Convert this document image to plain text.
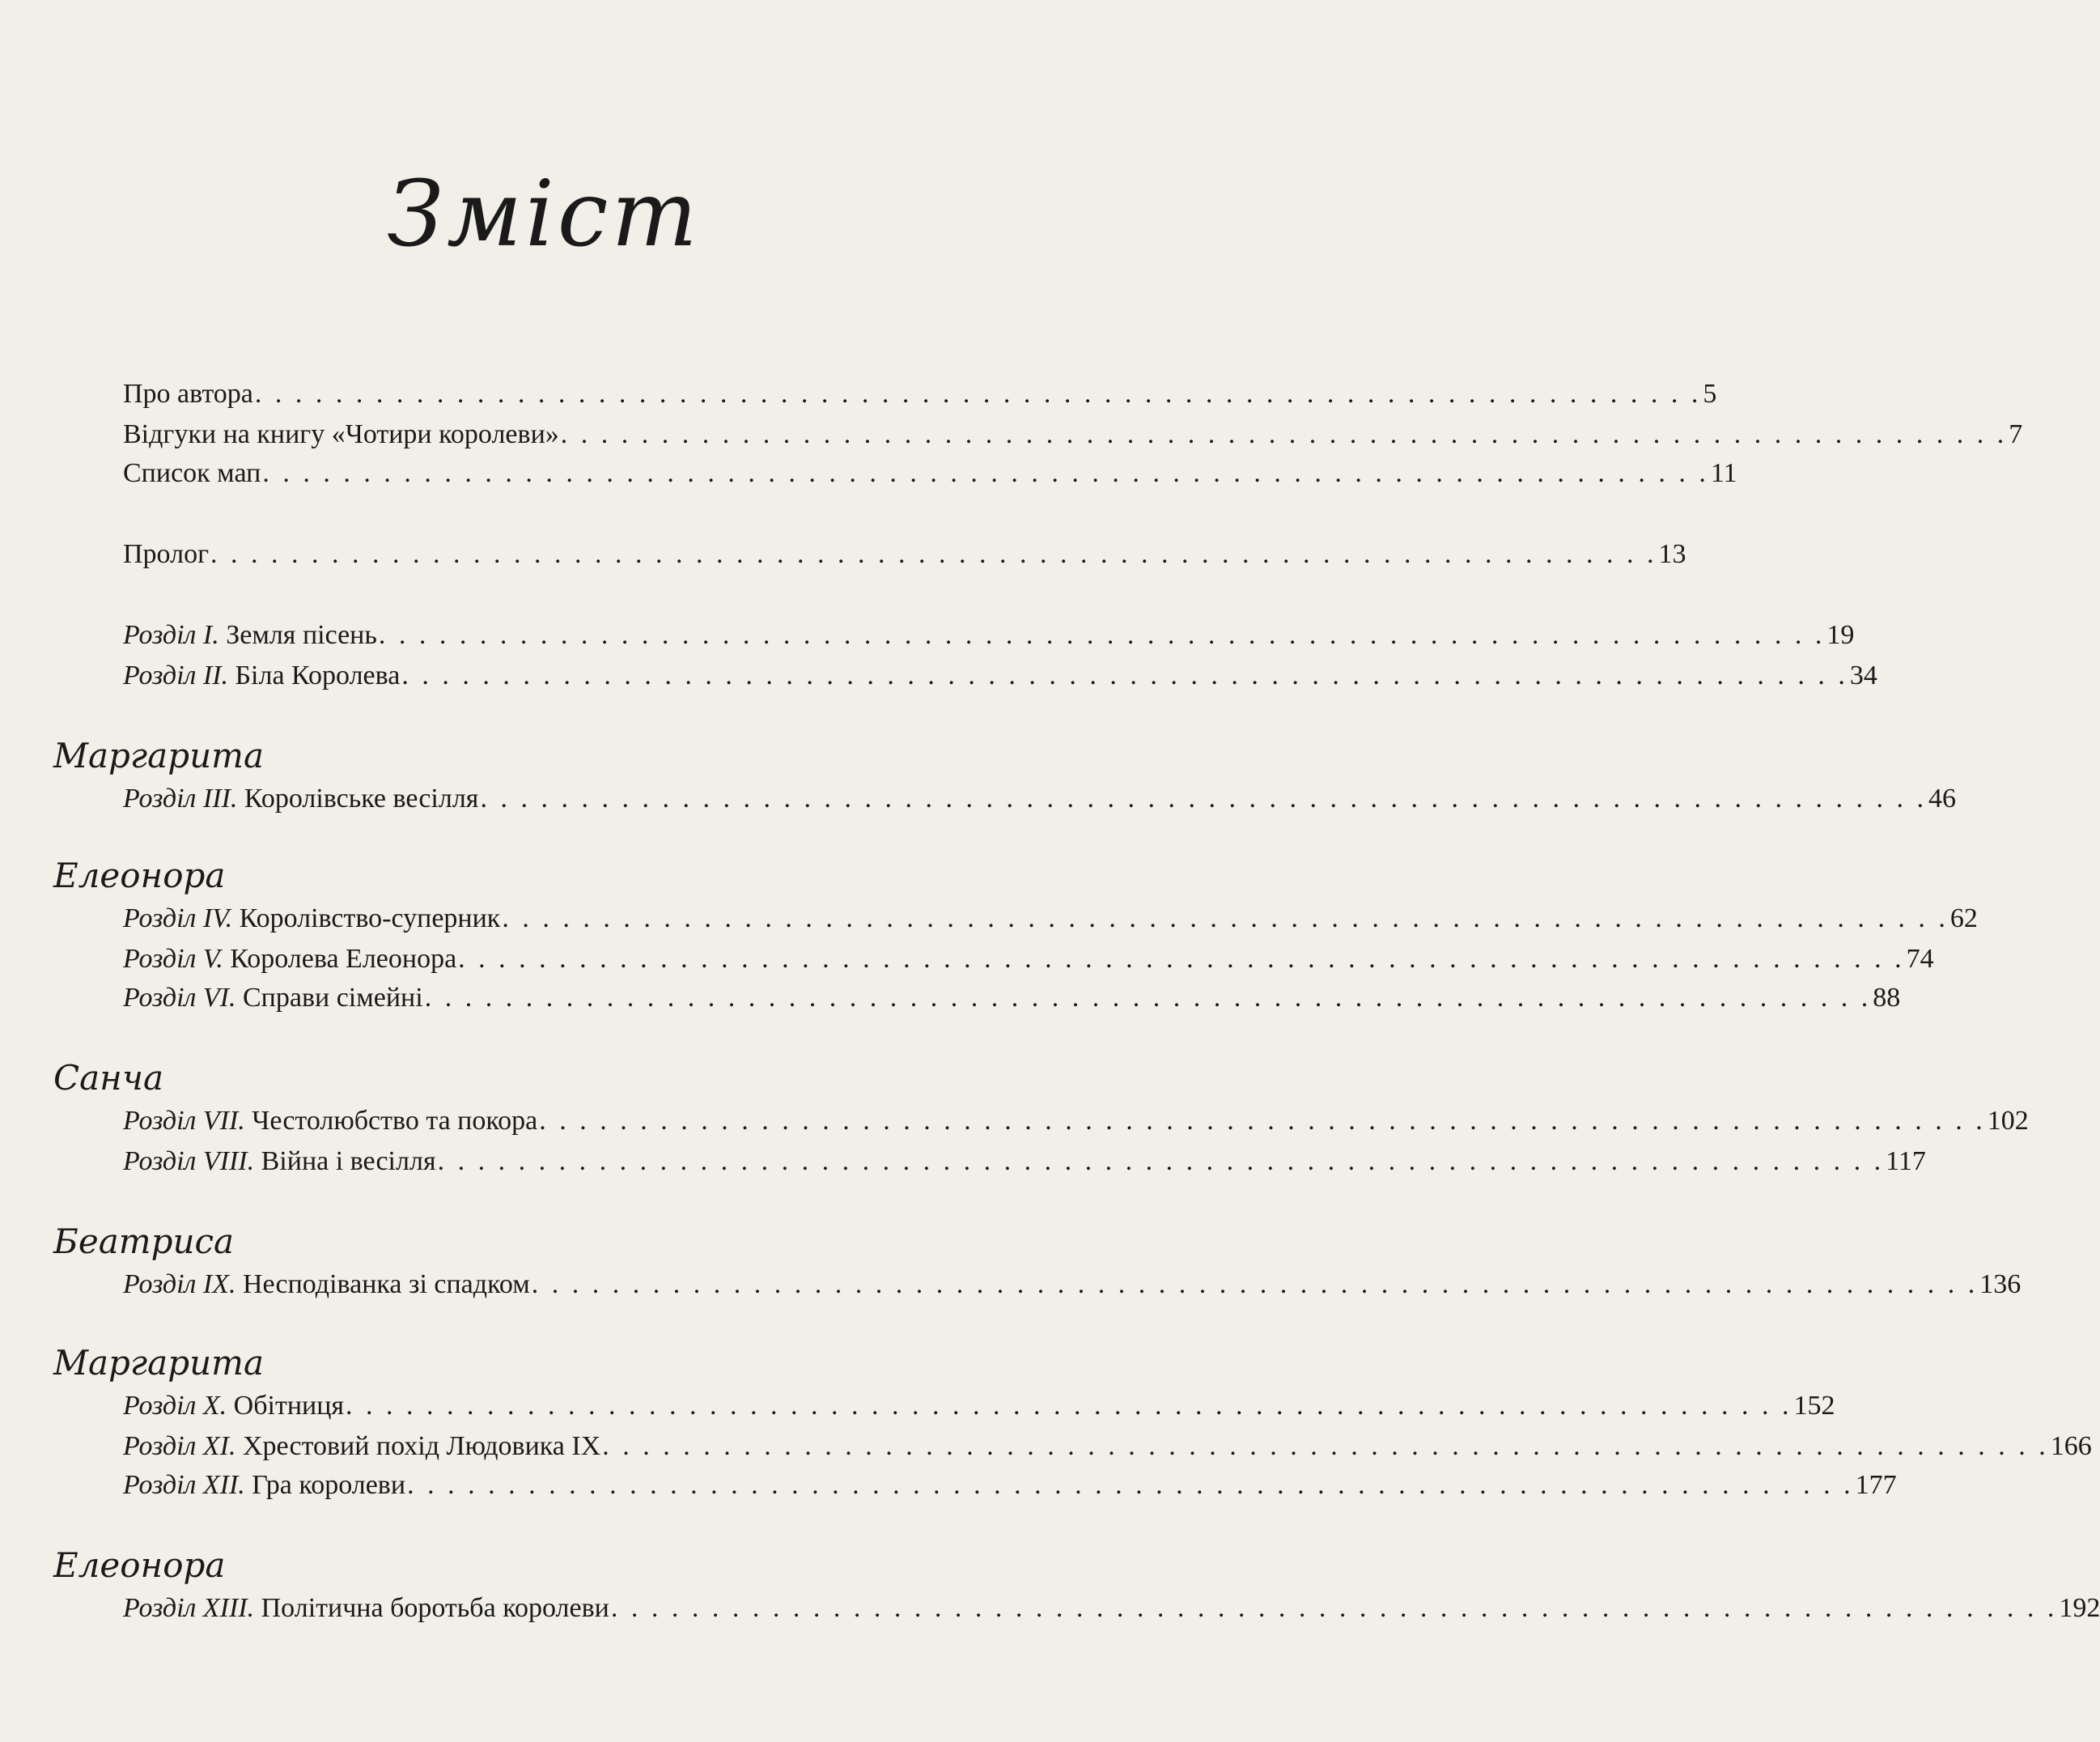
Зміст
Про автора . . . . . . . . . . . . . . . . . . . . . . . . . . . . . . . . . . . . . . . . . . . . . . . . . . . . . . . . . . . . . . . . . . . . . . . . 5
Відгуки на книгу «Чотири королеви» . . . . . . . . . . . . . . . . . . . . . . . . . . . . . . . . . . . . . . . . . . . . . . . . . . . . . . . . . . . . . . . . . . . . . . . . 7
Список мап . . . . . . . . . . . . . . . . . . . . . . . . . . . . . . . . . . . . . . . . . . . . . . . . . . . . . . . . . . . . . . . . . . . . . . . . 11
Пролог . . . . . . . . . . . . . . . . . . . . . . . . . . . . . . . . . . . . . . . . . . . . . . . . . . . . . . . . . . . . . . . . . . . . . . . . 13
Розділ I. Земля пісень . . . . . . . . . . . . . . . . . . . . . . . . . . . . . . . . . . . . . . . . . . . . . . . . . . . . . . . . . . . . . . . . . . . . . . . . 19
Розділ II. Біла Королева . . . . . . . . . . . . . . . . . . . . . . . . . . . . . . . . . . . . . . . . . . . . . . . . . . . . . . . . . . . . . . . . . . . . . . . . 34
Маргарита
Розділ III. Королівське весілля . . . . . . . . . . . . . . . . . . . . . . . . . . . . . . . . . . . . . . . . . . . . . . . . . . . . . . . . . . . . . . . . . . . . . . . . 46
Елеонора
Розділ IV. Королівство-суперник . . . . . . . . . . . . . . . . . . . . . . . . . . . . . . . . . . . . . . . . . . . . . . . . . . . . . . . . . . . . . . . . . . . . . . . . 62
Розділ V. Королева Елеонора . . . . . . . . . . . . . . . . . . . . . . . . . . . . . . . . . . . . . . . . . . . . . . . . . . . . . . . . . . . . . . . . . . . . . . . . 74
Розділ VI. Справи сімейні . . . . . . . . . . . . . . . . . . . . . . . . . . . . . . . . . . . . . . . . . . . . . . . . . . . . . . . . . . . . . . . . . . . . . . . . 88
Санча
Розділ VII. Честолюбство та покора . . . . . . . . . . . . . . . . . . . . . . . . . . . . . . . . . . . . . . . . . . . . . . . . . . . . . . . . . . . . . . . . . . . . . . . . 102
Розділ VIII. Війна і весілля . . . . . . . . . . . . . . . . . . . . . . . . . . . . . . . . . . . . . . . . . . . . . . . . . . . . . . . . . . . . . . . . . . . . . . . . 117
Беатриса
Розділ IX. Несподіванка зі спадком . . . . . . . . . . . . . . . . . . . . . . . . . . . . . . . . . . . . . . . . . . . . . . . . . . . . . . . . . . . . . . . . . . . . . . . . 136
Маргарита
Розділ X. Обітниця . . . . . . . . . . . . . . . . . . . . . . . . . . . . . . . . . . . . . . . . . . . . . . . . . . . . . . . . . . . . . . . . . . . . . . . . 152
Розділ XI. Хрестовий похід Людовика IX . . . . . . . . . . . . . . . . . . . . . . . . . . . . . . . . . . . . . . . . . . . . . . . . . . . . . . . . . . . . . . . . . . . . . . . . 166
Розділ XII. Гра королеви . . . . . . . . . . . . . . . . . . . . . . . . . . . . . . . . . . . . . . . . . . . . . . . . . . . . . . . . . . . . . . . . . . . . . . . . 177
Елеонора
Розділ XIII. Політична боротьба королеви . . . . . . . . . . . . . . . . . . . . . . . . . . . . . . . . . . . . . . . . . . . . . . . . . . . . . . . . . . . . . . . . . . . . . . . . 192
